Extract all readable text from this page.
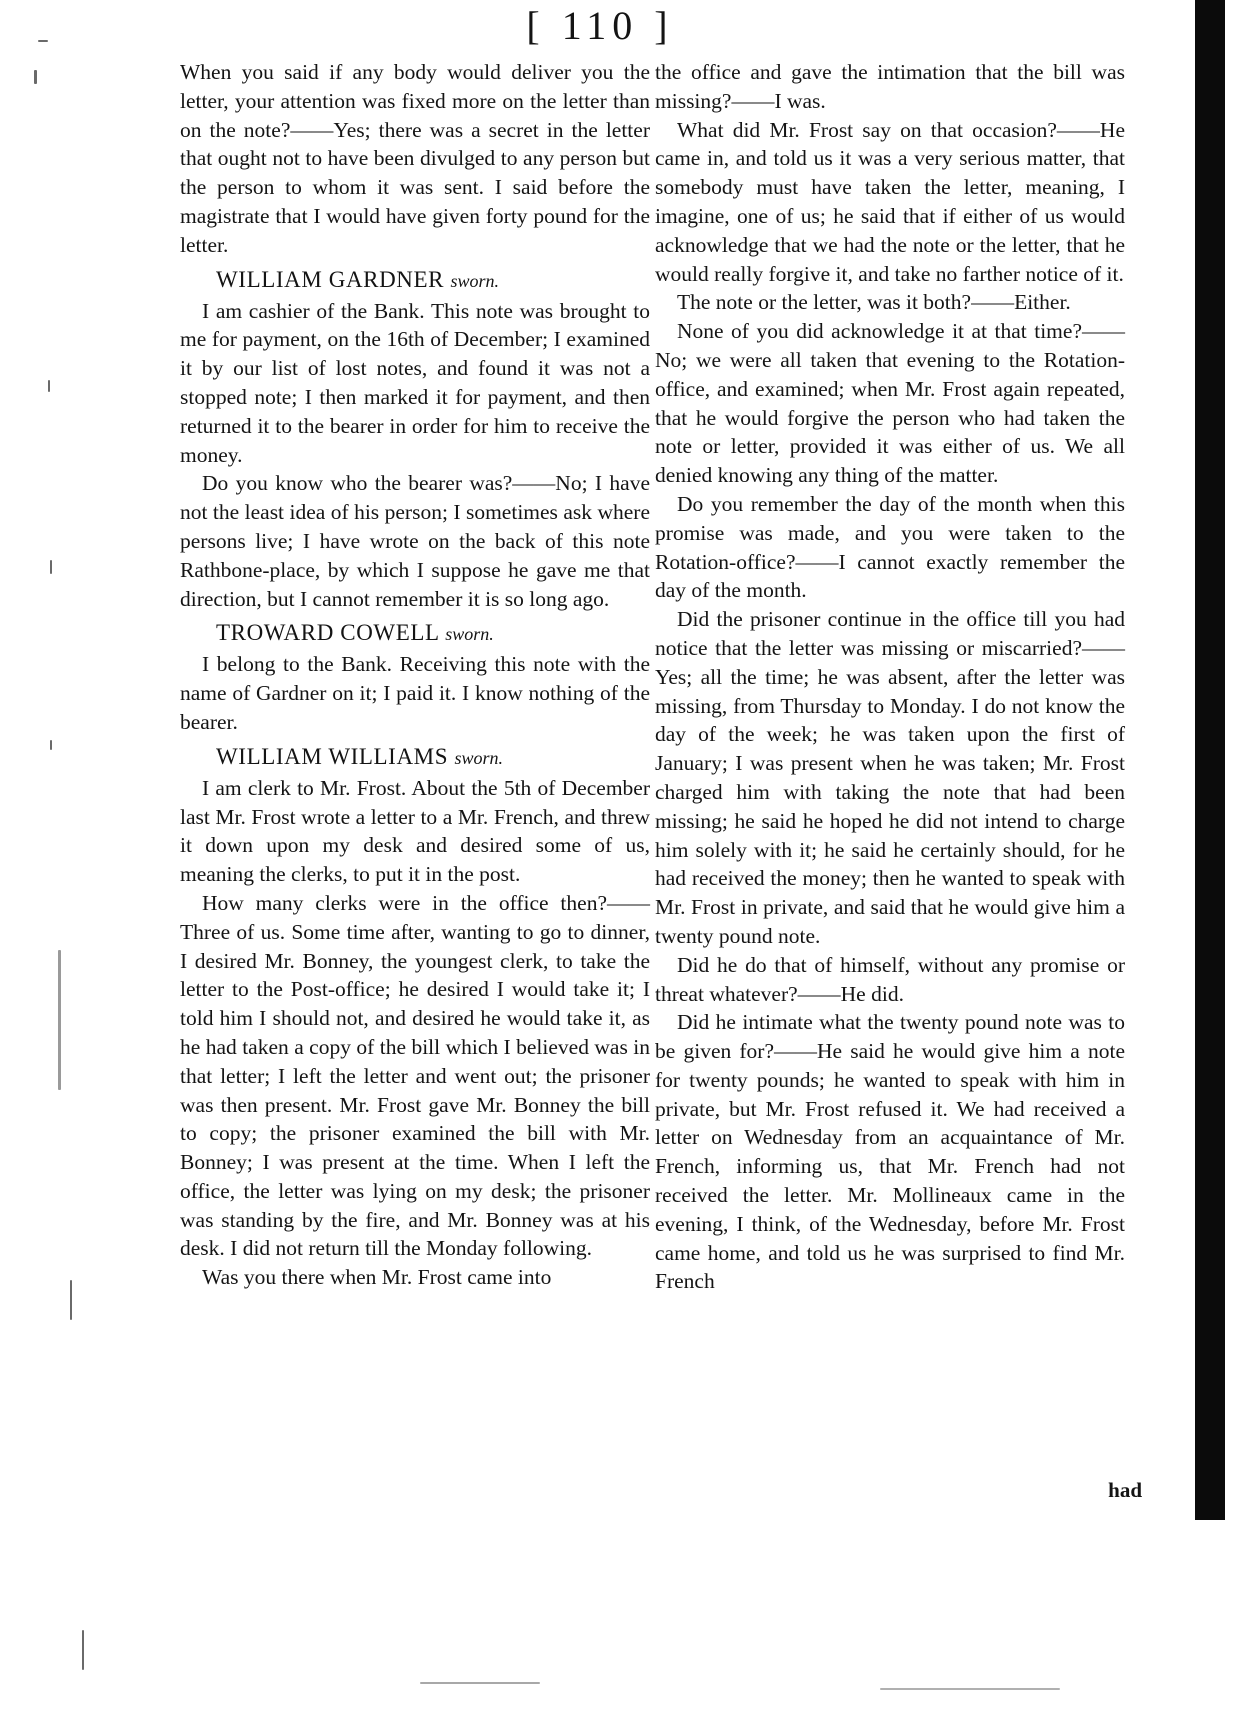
[ 110 ]

When you said if any body would deliver you the letter, your attention was fixed more on the letter than on the note?——Yes; there was a secret in the letter that ought not to have been divulged to any person but the person to whom it was sent. I said before the magistrate that I would have given forty pound for the letter.

WILLIAM GARDNER sworn.

I am cashier of the Bank. This note was brought to me for payment, on the 16th of December; I examined it by our list of lost notes, and found it was not a stopped note; I then marked it for payment, and then returned it to the bearer in order for him to receive the money.

Do you know who the bearer was?——No; I have not the least idea of his person; I sometimes ask where persons live; I have wrote on the back of this note Rathbone-place, by which I suppose he gave me that direction, but I cannot remember it is so long ago.

TROWARD COWELL sworn.

I belong to the Bank. Receiving this note with the name of Gardner on it; I paid it. I know nothing of the bearer.

WILLIAM WILLIAMS sworn.

I am clerk to Mr. Frost. About the 5th of December last Mr. Frost wrote a letter to a Mr. French, and threw it down upon my desk and desired some of us, meaning the clerks, to put it in the post.

How many clerks were in the office then?——Three of us. Some time after, wanting to go to dinner, I desired Mr. Bonney, the youngest clerk, to take the letter to the Post-office; he desired I would take it; I told him I should not, and desired he would take it, as he had taken a copy of the bill which I believed was in that letter; I left the letter and went out; the prisoner was then present. Mr. Frost gave Mr. Bonney the bill to copy; the prisoner examined the bill with Mr. Bonney; I was present at the time. When I left the office, the letter was lying on my desk; the prisoner was standing by the fire, and Mr. Bonney was at his desk. I did not return till the Monday following.

Was you there when Mr. Frost came into

the office and gave the intimation that the bill was missing?——I was.

What did Mr. Frost say on that occasion?——He came in, and told us it was a very serious matter, that somebody must have taken the letter, meaning, I imagine, one of us; he said that if either of us would acknowledge that we had the note or the letter, that he would really forgive it, and take no farther notice of it.

The note or the letter, was it both?——Either.

None of you did acknowledge it at that time?——No; we were all taken that evening to the Rotation-office, and examined; when Mr. Frost again repeated, that he would forgive the person who had taken the note or letter, provided it was either of us. We all denied knowing any thing of the matter.

Do you remember the day of the month when this promise was made, and you were taken to the Rotation-office?——I cannot exactly remember the day of the month.

Did the prisoner continue in the office till you had notice that the letter was missing or miscarried?——Yes; all the time; he was absent, after the letter was missing, from Thursday to Monday. I do not know the day of the week; he was taken upon the first of January; I was present when he was taken; Mr. Frost charged him with taking the note that had been missing; he said he hoped he did not intend to charge him solely with it; he said he certainly should, for he had received the money; then he wanted to speak with Mr. Frost in private, and said that he would give him a twenty pound note.

Did he do that of himself, without any promise or threat whatever?——He did.

Did he intimate what the twenty pound note was to be given for?——He said he would give him a note for twenty pounds; he wanted to speak with him in private, but Mr. Frost refused it. We had received a letter on Wednesday from an acquaintance of Mr. French, informing us, that Mr. French had not received the letter. Mr. Mollineaux came in the evening, I think, of the Wednesday, before Mr. Frost came home, and told us he was surprised to find Mr. French

had
